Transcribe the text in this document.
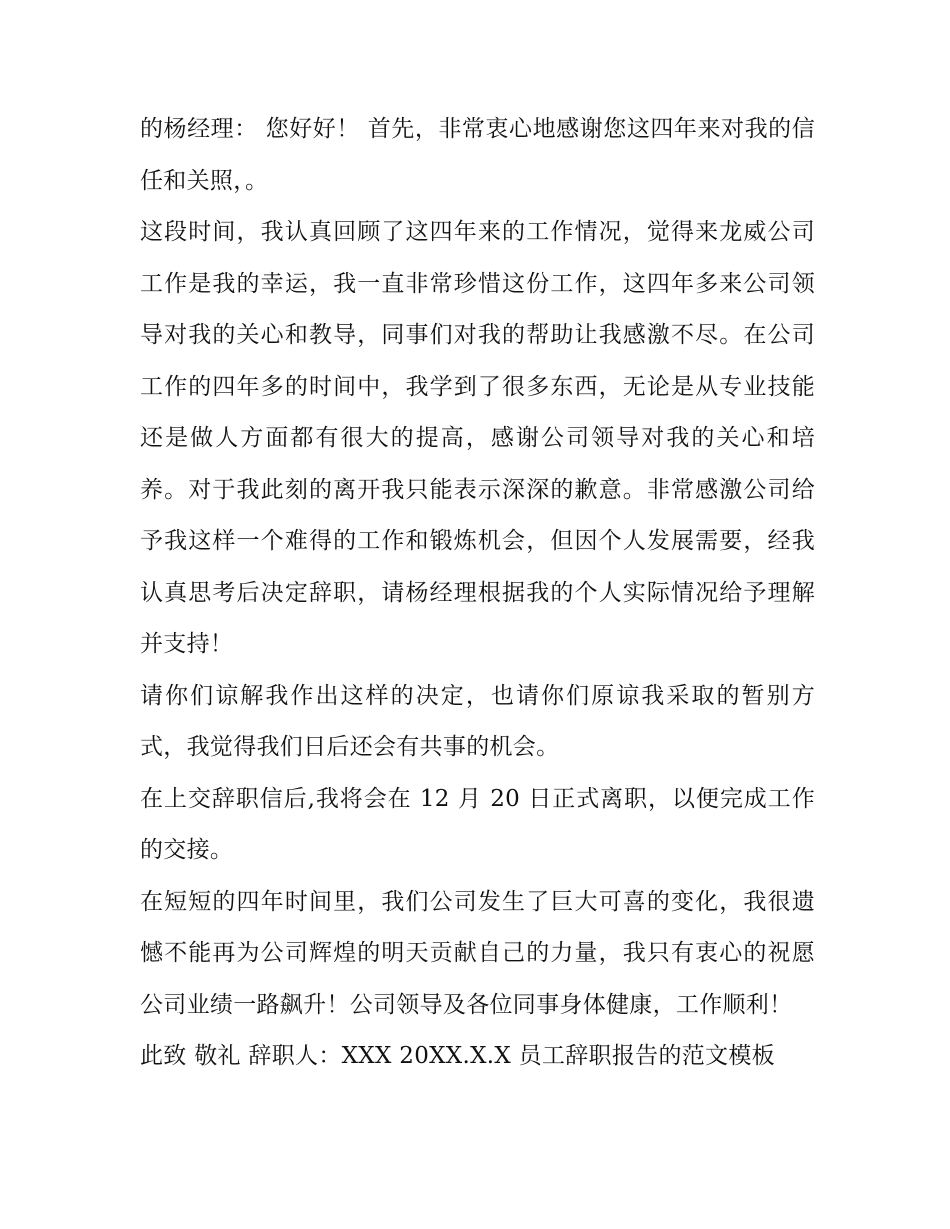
的杨经理： 您好好！ 首先，非常衷心地感谢您这四年来对我的信任和关照，。

这段时间，我认真回顾了这四年来的工作情况，觉得来龙威公司工作是我的幸运，我一直非常珍惜这份工作，这四年多来公司领导对我的关心和教导，同事们对我的帮助让我感激不尽。在公司工作的四年多的时间中，我学到了很多东西，无论是从专业技能还是做人方面都有很大的提高，感谢公司领导对我的关心和培养。对于我此刻的离开我只能表示深深的歉意。非常感激公司给予我这样一个难得的工作和锻炼机会，但因个人发展需要，经我认真思考后决定辞职，请杨经理根据我的个人实际情况给予理解并支持！

请你们谅解我作出这样的决定，也请你们原谅我采取的暂别方式，我觉得我们日后还会有共事的机会。

在上交辞职信后,我将会在 12 月 20 日正式离职，以便完成工作的交接。

在短短的四年时间里，我们公司发生了巨大可喜的变化，我很遗憾不能再为公司辉煌的明天贡献自己的力量，我只有衷心的祝愿公司业绩一路飙升！公司领导及各位同事身体健康，工作顺利！

此致 敬礼 辞职人：XXX 20XX.X.X 员工辞职报告的范文模板
